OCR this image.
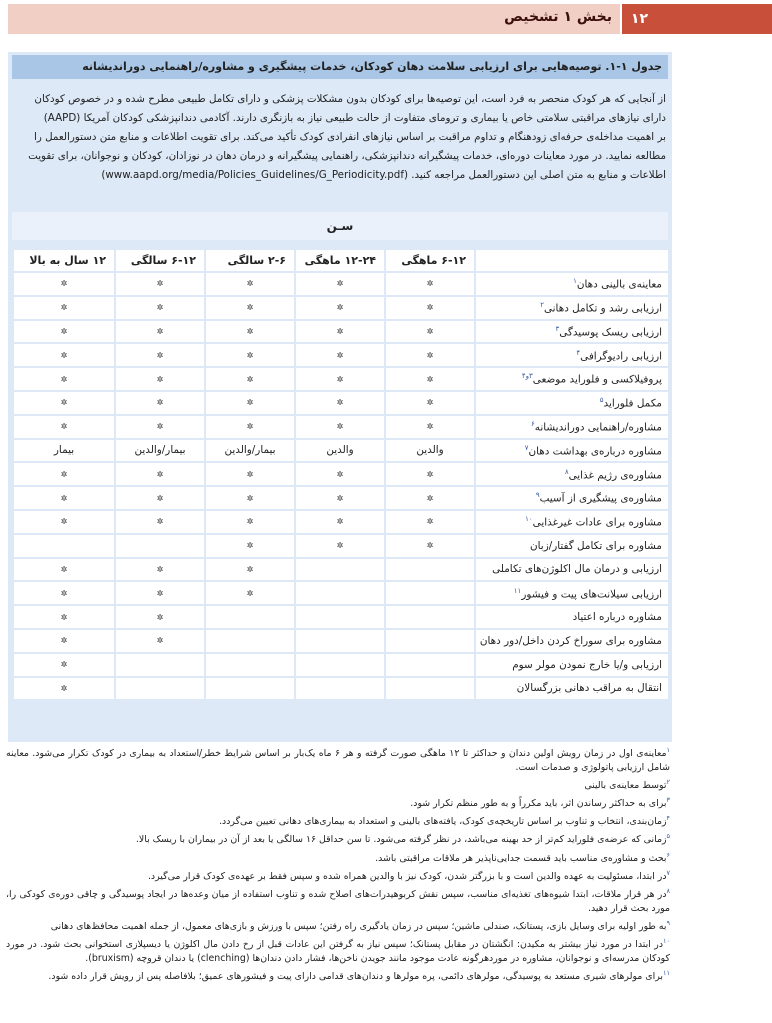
بخش ۱ تشخیص ۱۲
جدول ۱-۱. توصیه‌هایی برای ارزیابی سلامت دهان کودکان، خدمات پیشگیری و مشاوره/راهنمایی دوراندیشانه

از آنجایی که هر کودک منحصر به فرد است، این توصیه‌ها برای کودکان بدون مشکلات پزشکی و دارای تکامل طبیعی مطرح شده و در خصوص کودکان

دارای نیازهای مراقبتی سلامتی خاص یا بیماری و ترومای متفاوت از حالت طبیعی نیاز به بازنگری دارند. آکادمی دندانپزشکی کودکان آمریکا (AAPD)

بر اهمیت مداخله‌ی حرفه‌ای زودهنگام و تداوم مراقبت بر اساس نیازهای انفرادی کودک تأکید می‌کند. برای تقویت اطلاعات و منابع متن دستورالعمل را

مطالعه نمایید. در مورد معاینات دوره‌ای، خدمات پیشگیرانه دندانپزشکی، راهنمایی پیشگیرانه و درمان دهان در نوزادان، کودکان و نوجوانان، برای تقویت

اطلاعات و منابع به متن اصلی این دستورالعمل مراجعه کنید. (www.aapd.org/media/Policies_Guidelines/G_Periodicity.pdf)

سـن
	۶-۱۲ ماهگی	۱۲-۲۴ ماهگی	۲-۶ سالگی	۶-۱۲ سالگی	۱۲ سال به بالا
معاینه‌ی بالینی دهان$^۱$	✲	✲	✲	✲	✲
ارزیابی رشد و تکامل دهانی$^۲$	✲	✲	✲	✲	✲
ارزیابی ریسک پوسیدگی$^۳$	✲	✲	✲	✲	✲
ارزیابی رادیوگرافی$^۴$	✲	✲	✲	✲	✲
پروفیلاکسی و فلوراید موضعی$^{۳و۴}$	✲	✲	✲	✲	✲
مکمل فلوراید$^۵$	✲	✲	✲	✲	✲
مشاوره/راهنمایی دوراندیشانه$^۶$	✲	✲	✲	✲	✲
مشاوره درباره‌ی بهداشت دهان$^۷$	والدین	والدین	بیمار/والدین	بیمار/والدین	بیمار
مشاوره‌ی رژیم غذایی$^۸$	✲	✲	✲	✲	✲
مشاوره‌ی پیشگیری از آسیب$^۹$	✲	✲	✲	✲	✲
مشاوره برای عادات غیرغذایی$^{۱۰}$	✲	✲	✲	✲	✲
مشاوره برای تکامل گفتار/زبان	✲	✲	✲		
ارزیابی و درمان مال اکلوژن‌های تکاملی			✲	✲	✲
ارزیابی سیلانت‌های پیت و فیشور$^{۱۱}$			✲	✲	✲
مشاوره درباره اعتیاد				✲	✲
مشاوره برای سوراخ کردن داخل/دور دهان				✲	✲
ارزیابی و/یا خارج نمودن مولر سوم					✲
انتقال به مراقب دهانی بزرگسالان					✲

$^۱$معاینه‌ی اول در زمان رویش اولین دندان و حداکثر تا ۱۲ ماهگی صورت گرفته و هر ۶ ماه یک‌بار بر اساس شرایط خطر/استعداد به بیماری در کودک تکرار می‌شود. معاینه شامل ارزیابی پاتولوژی و صدمات است.

$^۲$توسط معاینه‌ی بالینی

$^۳$برای به حداکثر رساندن اثر، باید مکرراً و به طور منظم تکرار شود.

$^۴$زمان‌بندی، انتخاب و تناوب بر اساس تاریخچه‌ی کودک، یافته‌های بالینی و استعداد به بیماری‌های دهانی تعیین می‌گردد.

$^۵$زمانی که عرضه‌ی فلوراید کم‌تر از حد بهینه می‌باشد، در نظر گرفته می‌شود. تا سن حداقل ۱۶ سالگی یا بعد از آن در بیماران با ریسک بالا.

$^۶$بحث و مشاوره‌ی مناسب باید قسمت جدایی‌ناپذیر هر ملاقات مراقبتی باشد.

$^۷$در ابتدا، مسئولیت به عهده والدین است و با بزرگتر شدن، کودک نیز با والدین همراه شده و سپس فقط بر عهده‌ی کودک قرار می‌گیرد.

$^۸$در هر قرار ملاقات، ابتدا شیوه‌های تغذیه‌ای مناسب، سپس نقش کربوهیدرات‌های اصلاح شده و تناوب استفاده از میان وعده‌ها در ایجاد پوسیدگی و چاقی دوره‌ی کودکی را، مورد بحث قرار دهید.

$^۹$به طور اولیه برای وسایل بازی، پستانک، صندلی ماشین؛ سپس در زمان یادگیری راه رفتن؛ سپس با ورزش و بازی‌های معمول، از جمله اهمیت محافظ‌های دهانی

$^{۱۰}$در ابتدا در مورد نیاز بیشتر به مکیدن: انگشتان در مقابل پستانک؛ سپس نیاز به گرفتن این عادات قبل از رخ دادن مال اکلوژن یا دیسپلازی استخوانی بحث شود. در مورد کودکان مدرسه‌ای و نوجوانان، مشاوره در موردهرگونه عادت موجود مانند جویدن ناخن‌ها، فشار دادن دندان‌ها (clenching) یا دندان قروچه (bruxism).

$^{۱۱}$برای مولرهای شیری مستعد به پوسیدگی، مولرهای دائمی، پره مولرها و دندان‌های قدامی دارای پیت و فیشورهای عمیق؛ بلافاصله پس از رویش قرار داده شود.
